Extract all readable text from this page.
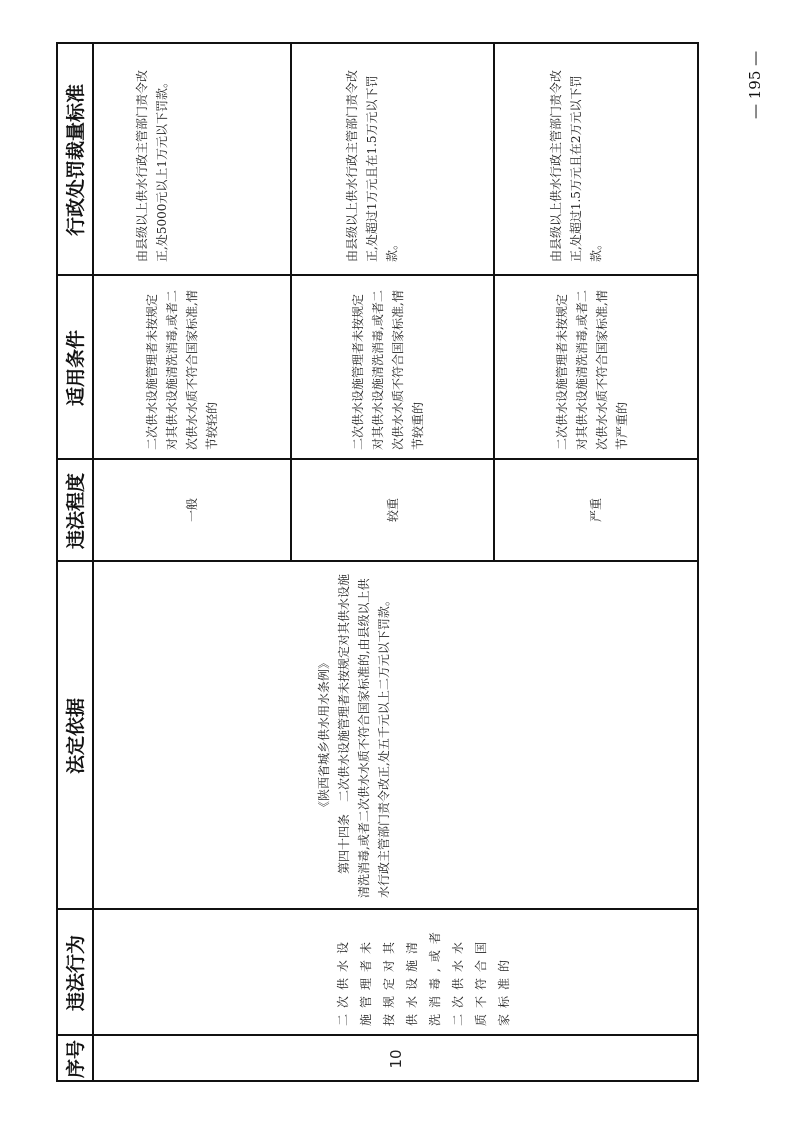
— 195 —
序号
违法行为
法定依据
违法程度
适用条件
行政处罚裁量标准
10
二次供水设施管理者未按规定对其供水设施清洗消毒,或者二次供水水质不符合国家标准的
《陕西省城乡供水用水条例》 第四十四条　二次供水设施管理者未按规定对其供水设施清洗消毒,或者二次供水水质不符合国家标准的,由县级以上供水行政主管部门责令改正,处五千元以上二万元以下罚款。
一般
二次供水设施管理者未按规定对其供水设施清洗消毒,或者二次供水水质不符合国家标准,情节较轻的
由县级以上供水行政主管部门责令改正,处5000元以上1万元以下罚款。
较重
二次供水设施管理者未按规定对其供水设施清洗消毒,或者二次供水水质不符合国家标准,情节较重的
由县级以上供水行政主管部门责令改正,处超过1万元且在1.5万元以下罚款。
严重
二次供水设施管理者未按规定对其供水设施清洗消毒,或者二次供水水质不符合国家标准,情节严重的
由县级以上供水行政主管部门责令改正,处超过1.5万元且在2万元以下罚款。
